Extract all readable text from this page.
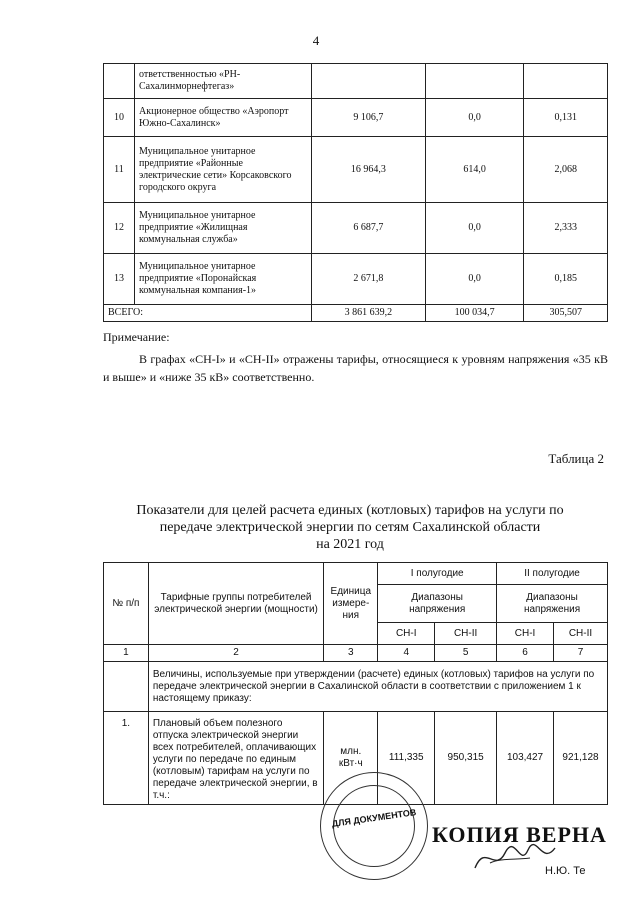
4
	ответственностью «РН-Сахалинморнефтегаз»			
10	Акционерное общество «Аэропорт Южно-Сахалинск»	9 106,7	0,0	0,131
11	Муниципальное унитарное предприятие «Районные электрические сети» Корсаковского городского округа	16 964,3	614,0	2,068
12	Муниципальное унитарное предприятие «Жилищная коммунальная служба»	6 687,7	0,0	2,333
13	Муниципальное унитарное предприятие «Поронайская коммунальная компания-1»	2 671,8	0,0	0,185
ВСЕГО:		3 861 639,2	100 034,7	305,507
Примечание:
В графах «СН-I» и «СН-II» отражены тарифы, относящиеся к уровням напряжения «35 кВ и выше» и «ниже 35 кВ» соответственно.
Таблица 2
Показатели для целей расчета единых (котловых) тарифов на услуги по
передаче электрической энергии по сетям Сахалинской области
на 2021 год
№ п/п	Тарифные группы потребителей электрической энергии (мощности)	Единица измере-ния	I полугодие		II полугодие	
			Диапазоны напряжения		Диапазоны напряжения	
			СН-I	СН-II	СН-I	СН-II
1	2	3	4	5	6	7
	Величины, используемые при утверждении (расчете) единых (котловых) тарифов на услуги по передаче электрической энергии в Сахалинской области в соответствии с приложением 1 к настоящему приказу:					
1.	Плановый объем полезного отпуска электрической энергии всех потребителей, оплачивающих услуги по передаче по единым (котловым) тарифам на услуги по передаче электрической энергии, в т.ч.:	млн. кВт·ч	111,335	950,315	103,427	921,128
ДЛЯ ДОКУМЕНТОВ
КОПИЯ ВЕРНА
Н.Ю. Те
